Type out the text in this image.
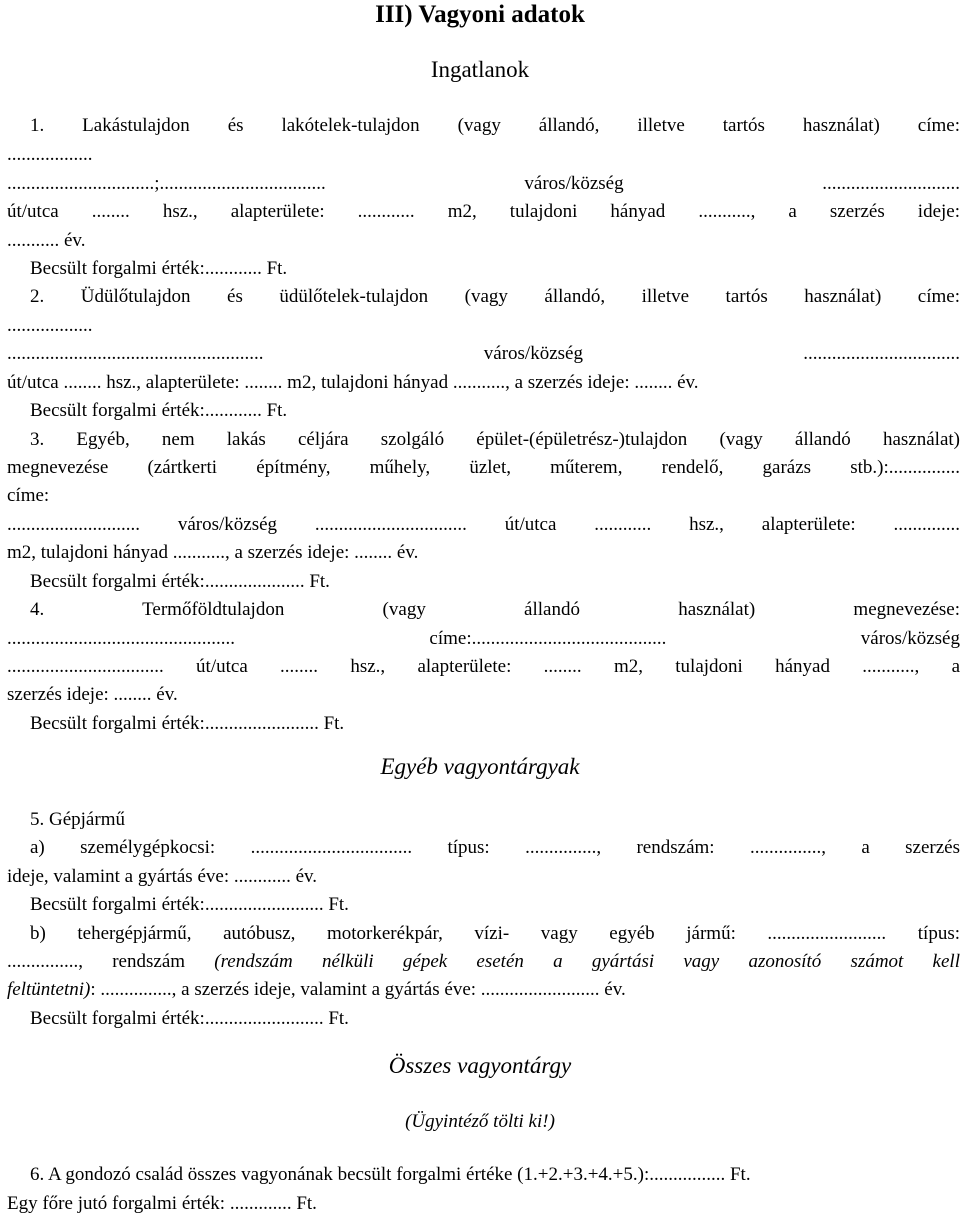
III) Vagyoni adatok
Ingatlanok
1. Lakástulajdon és lakótelek-tulajdon (vagy állandó, illetve tartós használat) címe:
..................
...............................;................................... város/község .............................
út/utca ........ hsz., alapterülete: ............ m2, tulajdoni hányad ..........., a szerzés ideje:
........... év.
Becsült forgalmi érték:............ Ft.
2. Üdülőtulajdon és üdülőtelek-tulajdon (vagy állandó, illetve tartós használat) címe:
..................
...................................................... város/község .................................
út/utca ........ hsz., alapterülete: ........ m2, tulajdoni hányad ..........., a szerzés ideje: ........ év.
Becsült forgalmi érték:............ Ft.
3. Egyéb, nem lakás céljára szolgáló épület-(épületrész-)tulajdon (vagy állandó használat)
megnevezése (zártkerti építmény, műhely, üzlet, műterem, rendelő, garázs stb.):...............
címe:
............................ város/község ................................ út/utca ............ hsz., alapterülete: ..............
m2, tulajdoni hányad ..........., a szerzés ideje: ........ év.
Becsült forgalmi érték:..................... Ft.
4. Termőföldtulajdon (vagy állandó használat) megnevezése:
................................................ címe:......................................... város/község
................................. út/utca ........ hsz., alapterülete: ........ m2, tulajdoni hányad ..........., a
szerzés ideje: ........ év.
Becsült forgalmi érték:........................ Ft.
Egyéb vagyontárgyak
5. Gépjármű
a) személygépkocsi: .................................. típus: ..............., rendszám: ..............., a szerzés
ideje, valamint a gyártás éve: ............ év.
Becsült forgalmi érték:......................... Ft.
b) tehergépjármű, autóbusz, motorkerékpár, vízi- vagy egyéb jármű: ......................... típus:
..............., rendszám (rendszám nélküli gépek esetén a gyártási vagy azonosító számot kell
feltüntetni): ..............., a szerzés ideje, valamint a gyártás éve: ......................... év.
Becsült forgalmi érték:......................... Ft.
Összes vagyontárgy
(Ügyintéző tölti ki!)
6. A gondozó család összes vagyonának becsült forgalmi értéke (1.+2.+3.+4.+5.):................ Ft.
Egy főre jutó forgalmi érték: ............. Ft.
